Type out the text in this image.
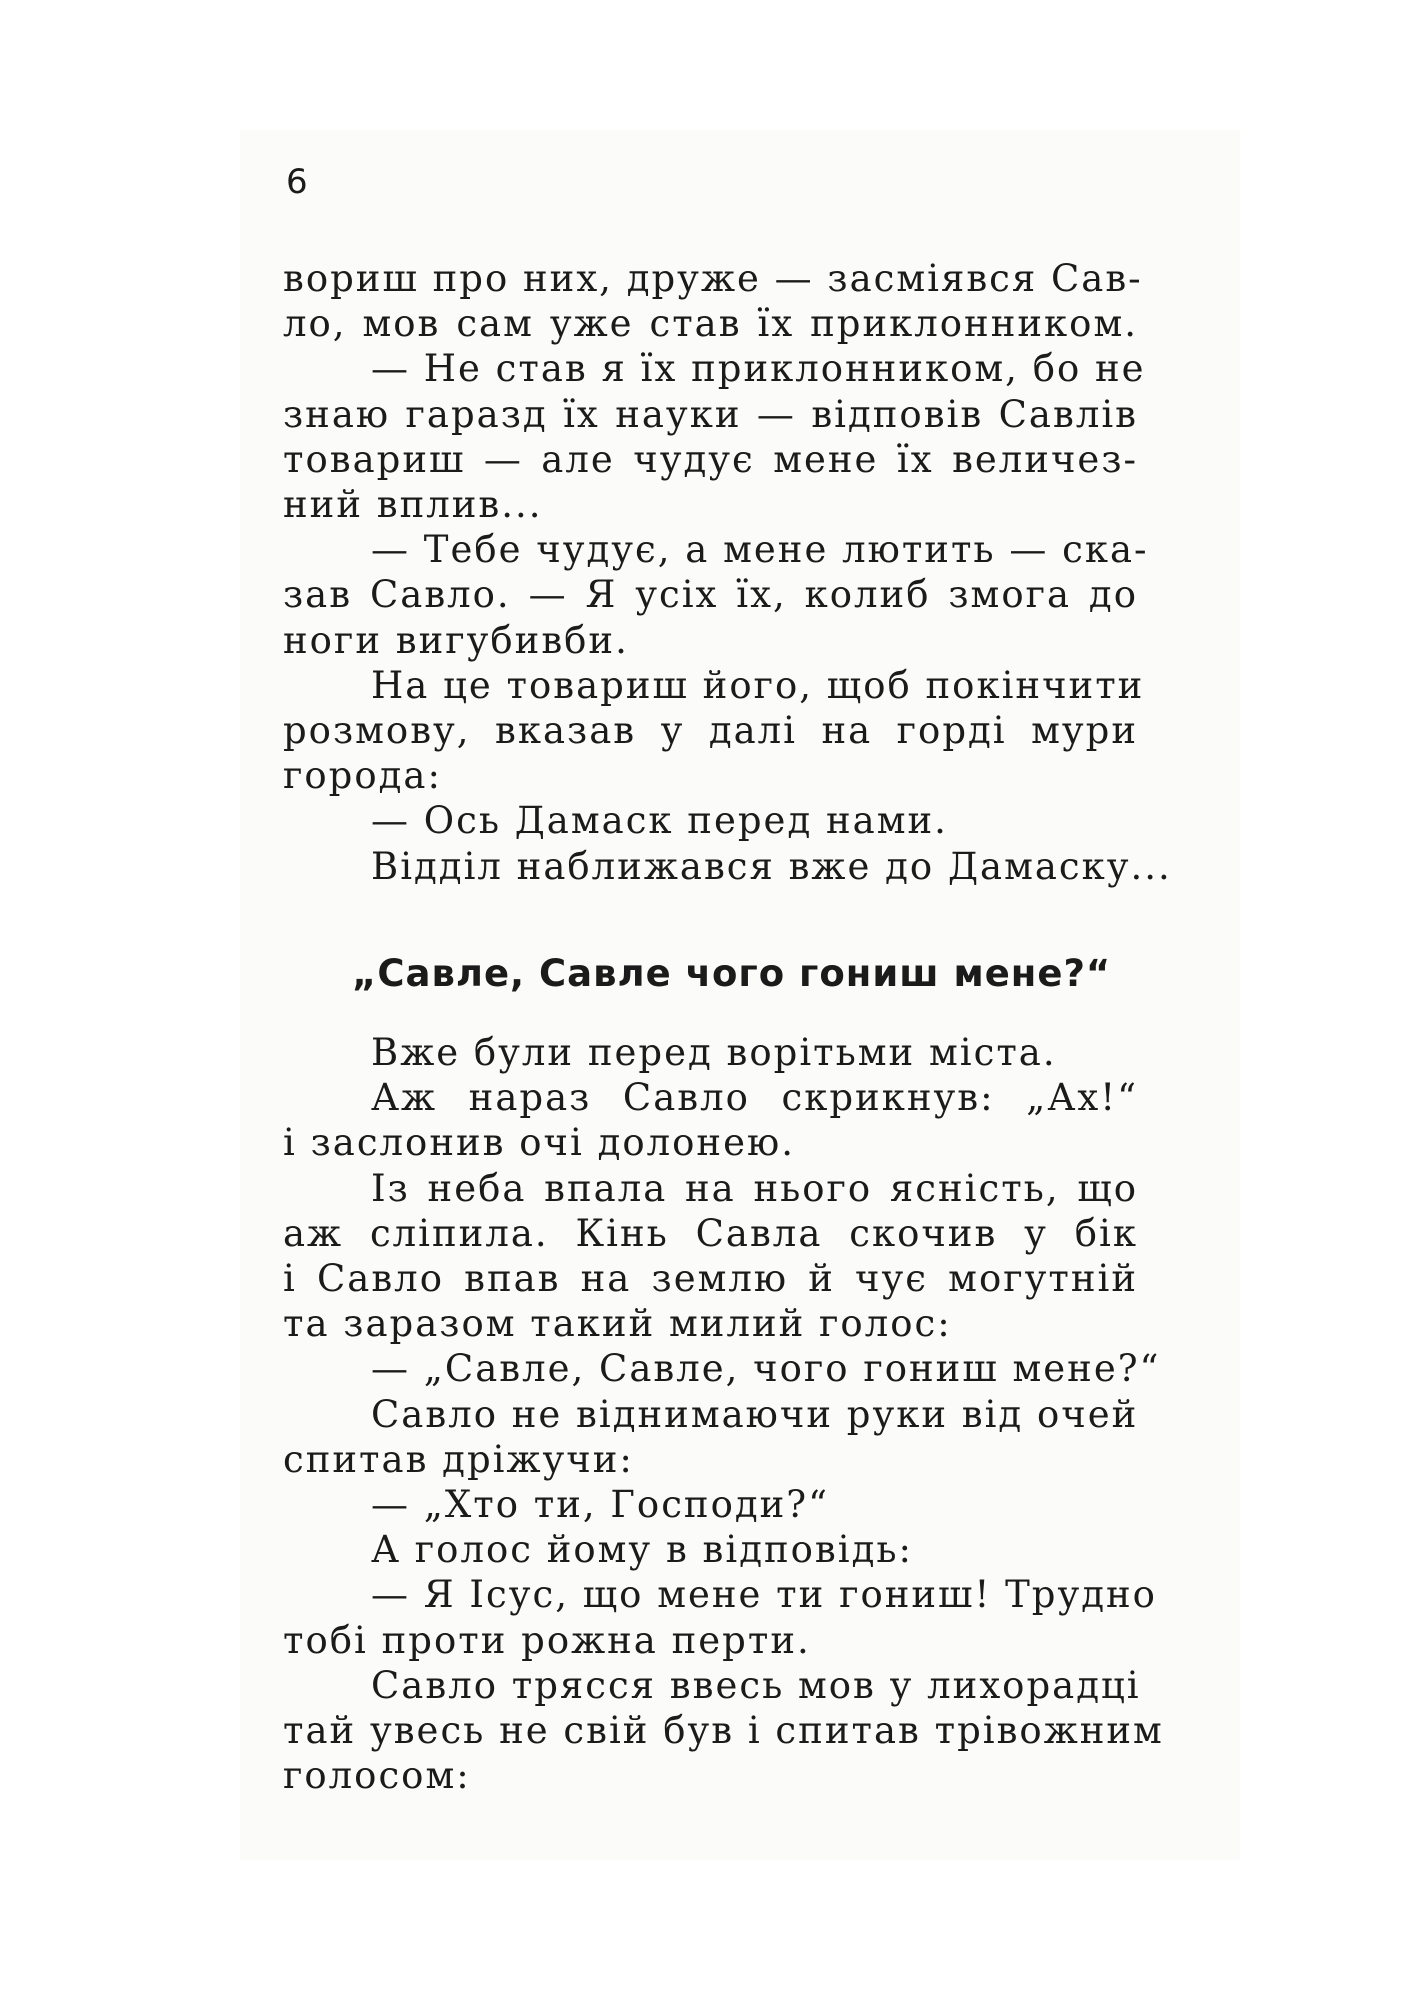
6
вориш про них, друже — засміявся Сав-
ло, мов сам уже став їх приклонником.
— Не став я їх приклонником, бо не
знаю гаразд їх науки — відповів Савлів
товариш — але чудує мене їх величез-
ний вплив...
— Тебе чудує, а мене лютить — ска-
зав Савло. — Я усіх їх, колиб змога до
ноги вигубивби.
На це товариш його, щоб покінчити
розмову, вказав у далі на горді мури
города:
— Ось Дамаск перед нами.
Відділ наближався вже до Дамаску...
„Савле, Савле чого гониш мене?“
Вже були перед ворітьми міста.
Аж нараз Савло скрикнув: „Ах!“
і заслонив очі долонею.
Із неба впала на нього ясність, що
аж сліпила. Кінь Савла скочив у бік
і Савло впав на землю й чує могутній
та заразом такий милий голос:
— „Савле, Савле, чого гониш мене?“
Савло не віднимаючи руки від очей
спитав дріжучи:
— „Хто ти, Господи?“
А голос йому в відповідь:
— Я Ісус, що мене ти гониш! Трудно
тобі проти рожна перти.
Савло трясся ввесь мов у лихорадці
тай увесь не свій був і спитав трівожним
голосом:
